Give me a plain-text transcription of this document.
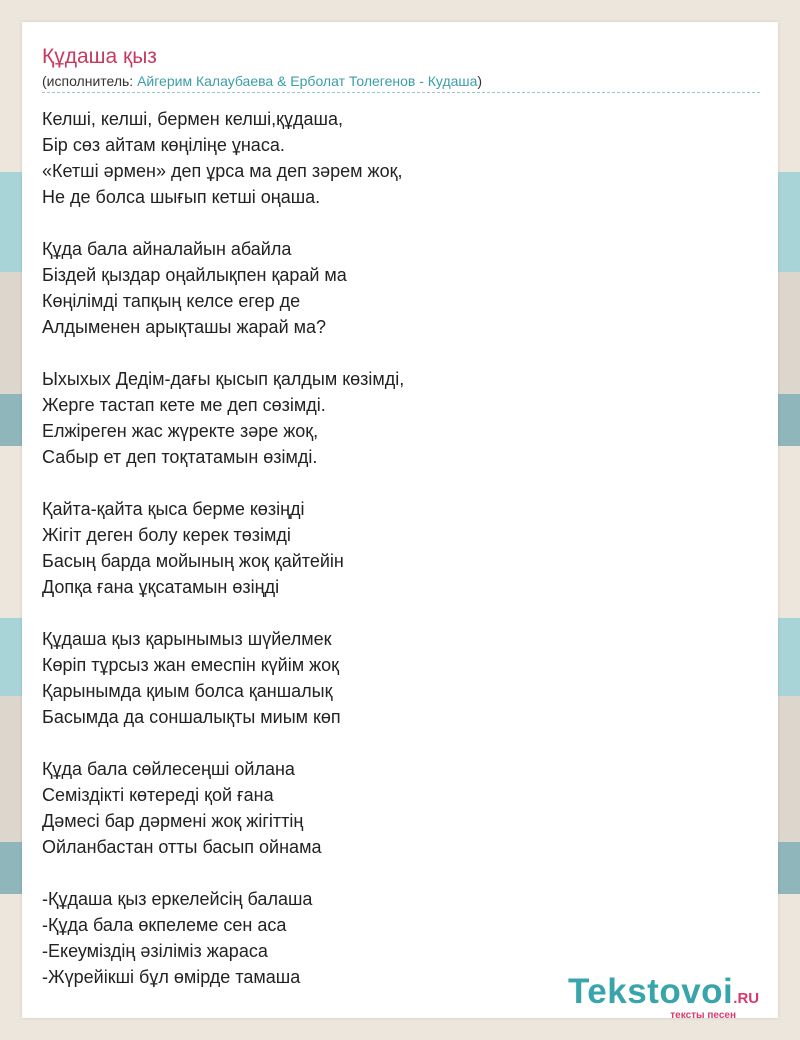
Құдаша қыз
(исполнитель: Айгерим Калаубаева & Ерболат Толегенов - Кудаша)
Келші, келші, бермен келші,құдаша,
Бір сөз айтам көңіліңе ұнаса.
«Кетші әрмен» деп ұрса ма деп зәрем жоқ,
Не де болса шығып кетші оңаша.
Құда бала айналайын абайла
Біздей қыздар оңайлықпен қарай ма
Көңілімді тапқың келсе егер де
Алдыменен арықташы жарай ма?
Ыхыхых Дедім-дағы қысып қалдым көзімді,
Жерге тастап кете ме деп сөзімді.
Елжіреген жас жүректе зәре жоқ,
Сабыр ет деп тоқтатамын өзімді.
Қайта-қайта қыса берме көзіңді
Жігіт деген болу керек төзімді
Басың барда мойының жоқ қайтейін
Допқа ғана ұқсатамын өзіңді
Құдаша қыз қарынымыз шүйелмек
Көріп тұрсыз жан емеспін күйім жоқ
Қарынымда қиым болса қаншалық
Басымда да соншалықты миым көп
Құда бала сөйлесеңші ойлана
Семіздікті көтереді қой ғана
Дәмесі бар дәрмені жоқ жігіттің
Ойланбастан отты басып ойнама
-Құдаша қыз еркелейсің балаша
-Құда бала өкпелеме сен аса
-Екеуміздің әзіліміз жараса
-Жүрейікші бұл өмірде тамаша	Tekstovoi.RU
тексты песен
